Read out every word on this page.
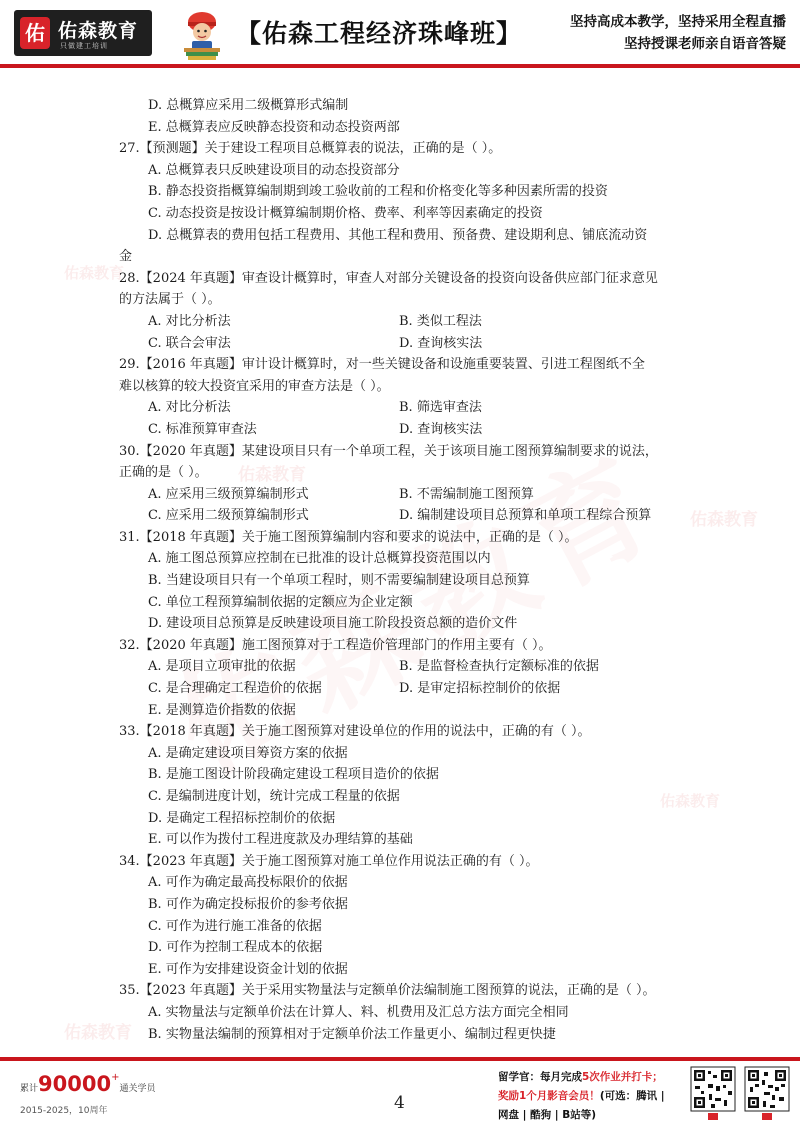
佑 佑森教育
只做建工培训	【佑森工程经济珠峰班】	坚持高成本教学，坚持采用全程直播
坚持授课老师亲自语音答疑
佑森教育
佑森教育
佑森教育
佑森教育
佑森教育
D. 总概算应采用二级概算形式编制
E. 总概算表应反映静态投资和动态投资两部
27.【预测题】关于建设工程项目总概算表的说法，正确的是（ ）。
A. 总概算表只反映建设项目的动态投资部分
B. 静态投资指概算编制期到竣工验收前的工程和价格变化等多种因素所需的投资
C. 动态投资是按设计概算编制期价格、费率、利率等因素确定的投资
D. 总概算表的费用包括工程费用、其他工程和费用、预备费、建设期利息、铺底流动资
金
28.【2024 年真题】审查设计概算时，审查人对部分关键设备的投资向设备供应部门征求意见
的方法属于（ ）。
A. 对比分析法	B. 类似工程法
C. 联合会审法	D. 查询核实法
29.【2016 年真题】审计设计概算时，对一些关键设备和设施重要装置、引进工程图纸不全
难以核算的较大投资宜采用的审查方法是（ ）。
A. 对比分析法	B. 筛选审查法
C. 标准预算审查法	D. 查询核实法
30.【2020 年真题】某建设项目只有一个单项工程，关于该项目施工图预算编制要求的说法，
正确的是（ ）。
A. 应采用三级预算编制形式	B. 不需编制施工图预算
C. 应采用二级预算编制形式	D. 编制建设项目总预算和单项工程综合预算
31.【2018 年真题】关于施工图预算编制内容和要求的说法中，正确的是（ ）。
A. 施工图总预算应控制在已批准的设计总概算投资范围以内
B. 当建设项目只有一个单项工程时，则不需要编制建设项目总预算
C. 单位工程预算编制依据的定额应为企业定额
D. 建设项目总预算是反映建设项目施工阶段投资总额的造价文件
32.【2020 年真题】施工图预算对于工程造价管理部门的作用主要有（ ）。
A. 是项目立项审批的依据	B. 是监督检查执行定额标准的依据
C. 是合理确定工程造价的依据	D. 是审定招标控制价的依据
E. 是测算造价指数的依据
33.【2018 年真题】关于施工图预算对建设单位的作用的说法中，正确的有（ ）。
A. 是确定建设项目筹资方案的依据
B. 是施工图设计阶段确定建设工程项目造价的依据
C. 是编制进度计划，统计完成工程量的依据
D. 是确定工程招标控制价的依据
E. 可以作为拨付工程进度款及办理结算的基础
34.【2023 年真题】关于施工图预算对施工单位作用说法正确的有（ ）。
A. 可作为确定最高投标限价的依据
B. 可作为确定投标报价的参考依据
C. 可作为进行施工准备的依据
D. 可作为控制工程成本的依据
E. 可作为安排建设资金计划的依据
35.【2023 年真题】关于采用实物量法与定额单价法编制施工图预算的说法，正确的是（ ）。
A. 实物量法与定额单价法在计算人、料、机费用及汇总方法方面完全相同
B. 实物量法编制的预算相对于定额单价法工作量更小、编制过程更快捷
累计90000+通关学员
2015-2025，10周年	4
留学官：每月完成5次作业并打卡；
奖励1个月影音会员！(可选：腾讯 |
网盘 | 酷狗 | B站等)
